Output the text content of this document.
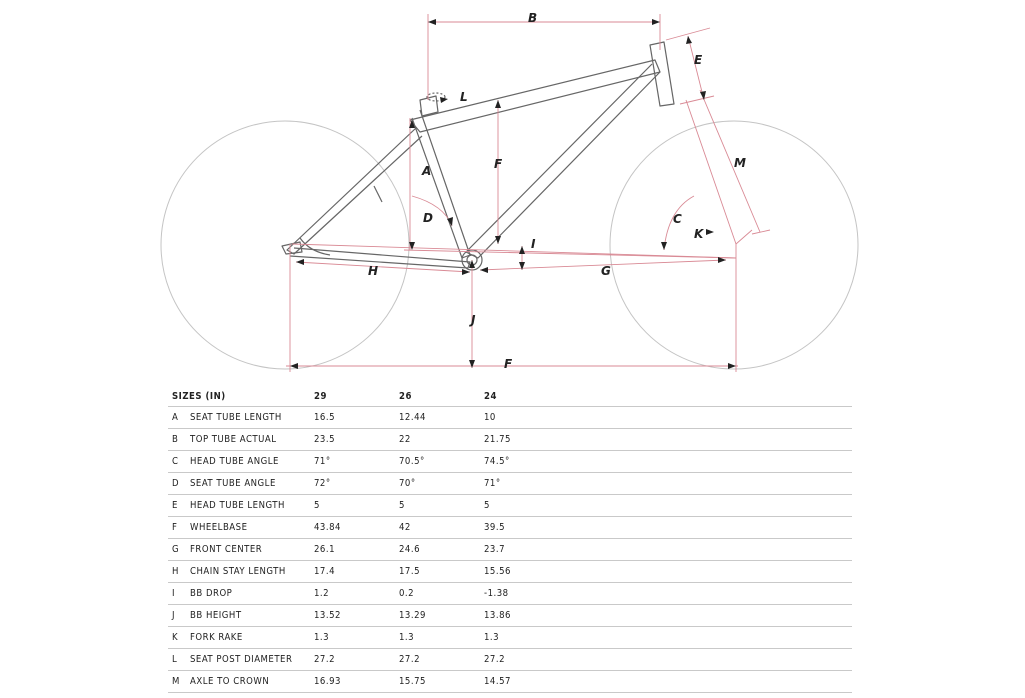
B
E
L
M
F
A
D	C
K
I
H	G
J
F
SIZES (IN)		29	26	24
A	SEAT TUBE LENGTH	16.5	12.44	10
B	TOP TUBE ACTUAL	23.5	22	21.75
C	HEAD TUBE ANGLE	71°	70.5°	74.5°
D	SEAT TUBE ANGLE	72°	70°	71°
E	HEAD TUBE LENGTH	5	5	5
F	WHEELBASE	43.84	42	39.5
G	FRONT CENTER	26.1	24.6	23.7
H	CHAIN STAY LENGTH	17.4	17.5	15.56
I	BB DROP	1.2	0.2	-1.38
J	BB HEIGHT	13.52	13.29	13.86
K	FORK RAKE	1.3	1.3	1.3
L	SEAT POST DIAMETER	27.2	27.2	27.2
M	AXLE TO CROWN	16.93	15.75	14.57
